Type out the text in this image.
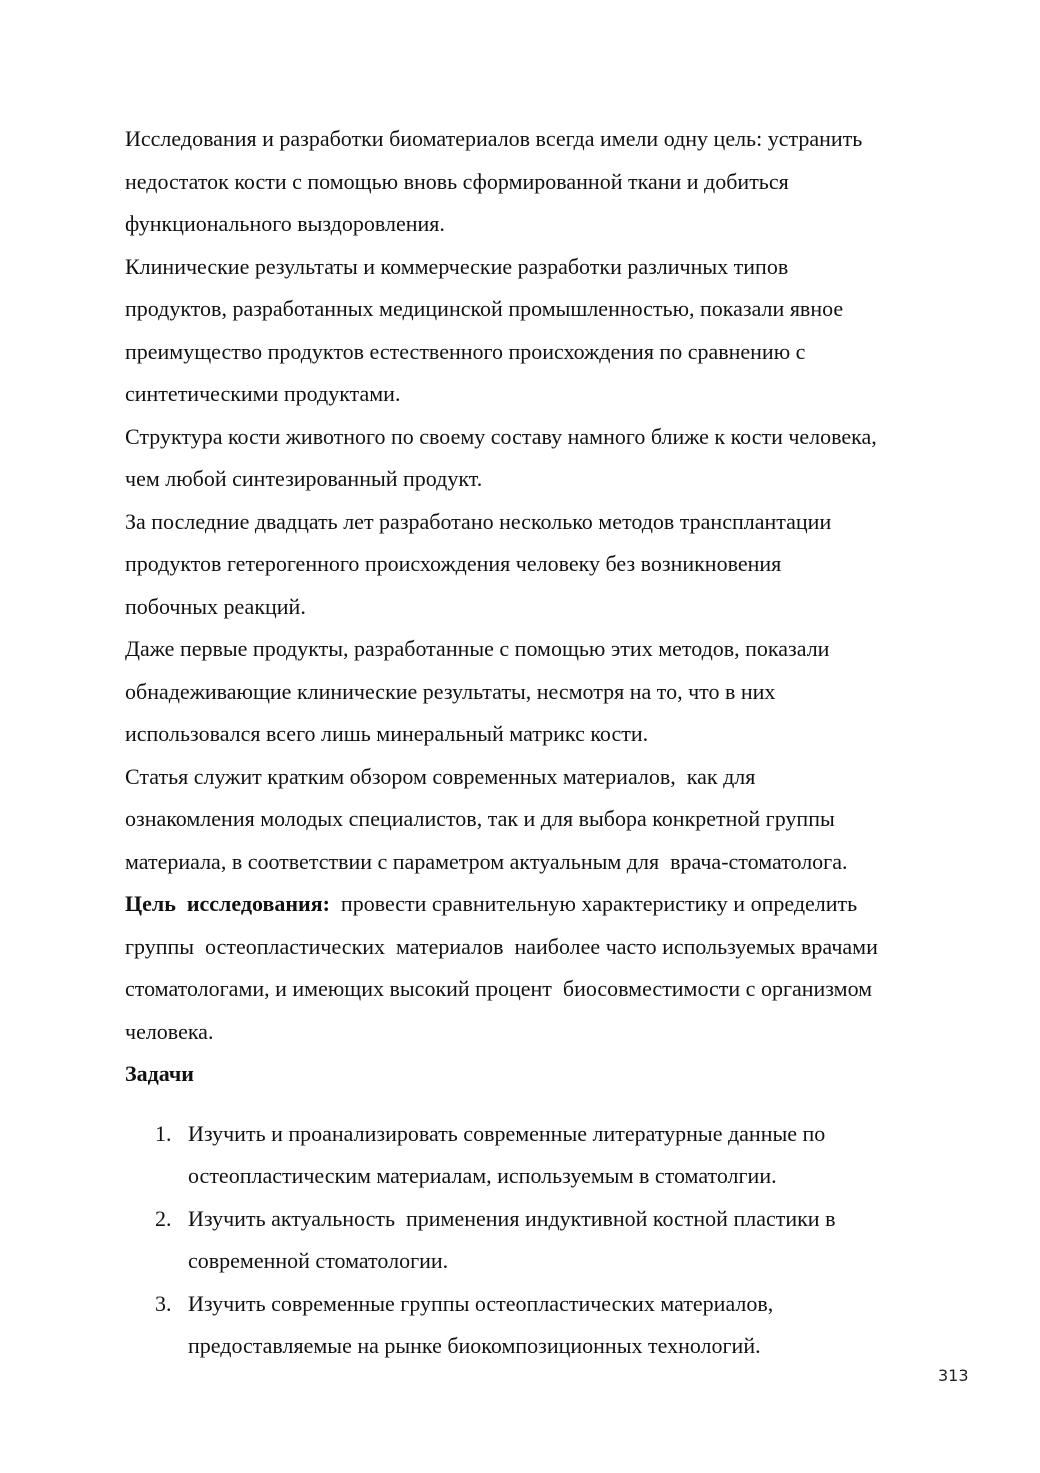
Исследования и разработки биоматериалов всегда имели одну цель: устранить
недостаток кости с помощью вновь сформированной ткани и добиться
функционального выздоровления.

Клинические результаты и коммерческие разработки различных типов
продуктов, разработанных медицинской промышленностью, показали явное
преимущество продуктов естественного происхождения по сравнению с
синтетическими продуктами.

Структура кости животного по своему составу намного ближе к кости человека,
чем любой синтезированный продукт.

За последние двадцать лет разработано несколько методов трансплантации
продуктов гетерогенного происхождения человеку без возникновения
побочных реакций.

Даже первые продукты, разработанные с помощью этих методов, показали
обнадеживающие клинические результаты, несмотря на то, что в них
использовался всего лишь минеральный матрикс кости.

Статья служит кратким обзором современных материалов,  как для
ознакомления молодых специалистов, так и для выбора конкретной группы
материала, в соответствии с параметром актуальным для  врача-стоматолога.

Цель  исследования:  провести сравнительную характеристику и определить
группы  остеопластических  материалов  наиболее часто используемых врачами
стоматологами, и имеющих высокий процент  биосовместимости с организмом
человека.

Задачи

1. Изучить и проанализировать современные литературные данные по
остеопластическим материалам, используемым в стоматолгии.
2. Изучить актуальность  применения индуктивной костной пластики в
современной стоматологии.
3. Изучить современные группы остеопластических материалов,
предоставляемые на рынке биокомпозиционных технологий.
313
